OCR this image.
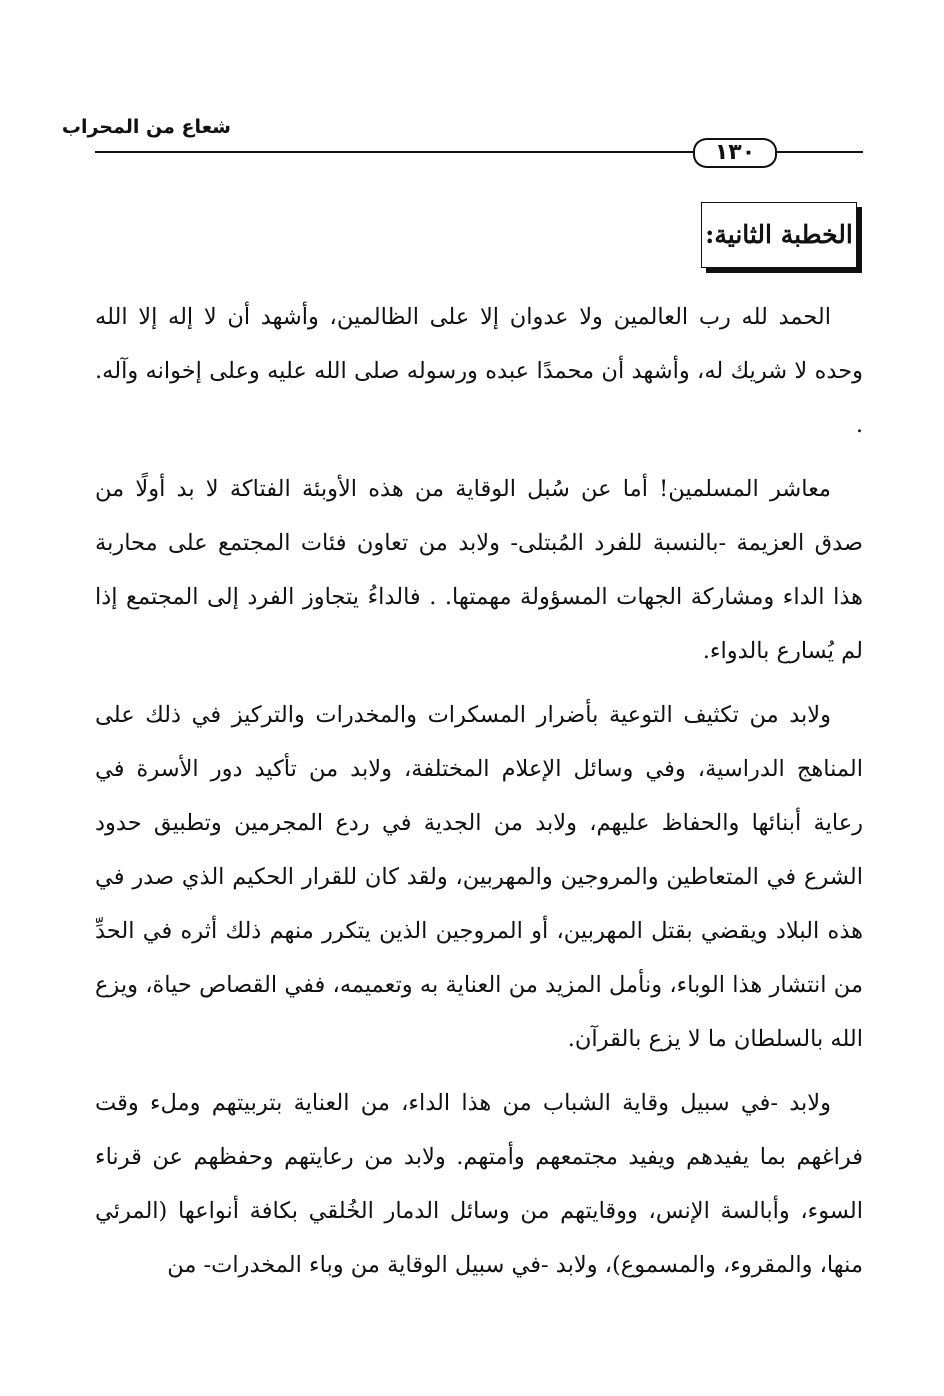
شعاع من المحراب
١٣٠
الخطبة الثانية:

الحمد لله رب العالمين ولا عدوان إلا على الظالمين، وأشهد أن لا إله إلا الله وحده لا شريك له، وأشهد أن محمدًا عبده ورسوله صلى الله عليه وعلى إخوانه وآله. .

معاشر المسلمين! أما عن سُبل الوقاية من هذه الأوبئة الفتاكة لا بد أولًا من صدق العزيمة -بالنسبة للفرد المُبتلى- ولابد من تعاون فئات المجتمع على محاربة هذا الداء ومشاركة الجهات المسؤولة مهمتها. . فالداءُ يتجاوز الفرد إلى المجتمع إذا لم يُسارع بالدواء.

ولابد من تكثيف التوعية بأضرار المسكرات والمخدرات والتركيز في ذلك على المناهج الدراسية، وفي وسائل الإعلام المختلفة، ولابد من تأكيد دور الأسرة في رعاية أبنائها والحفاظ عليهم، ولابد من الجدية في ردع المجرمين وتطبيق حدود الشرع في المتعاطين والمروجين والمهربين، ولقد كان للقرار الحكيم الذي صدر في هذه البلاد ويقضي بقتل المهربين، أو المروجين الذين يتكرر منهم ذلك أثره في الحدِّ من انتشار هذا الوباء، ونأمل المزيد من العناية به وتعميمه، ففي القصاص حياة، ويزع الله بالسلطان ما لا يزع بالقرآن.

ولابد -في سبيل وقاية الشباب من هذا الداء، من العناية بتربيتهم وملء وقت فراغهم بما يفيدهم ويفيد مجتمعهم وأمتهم. ولابد من رعايتهم وحفظهم عن قرناء السوء، وأبالسة الإنس، ووقايتهم من وسائل الدمار الخُلقي بكافة أنواعها (المرئي منها، والمقروء، والمسموع)، ولابد -في سبيل الوقاية من وباء المخدرات- من
